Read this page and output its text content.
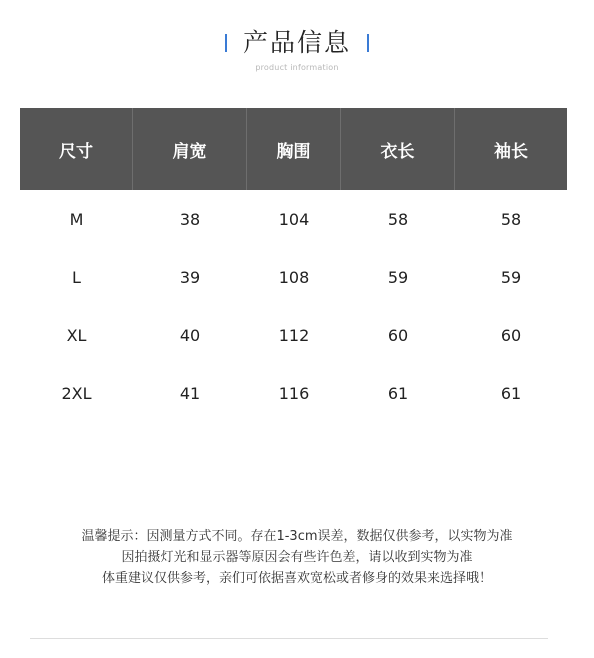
产品信息
product information
尺寸	肩宽	胸围	衣长	袖长
M	38	104	58	58
L	39	108	59	59
XL	40	112	60	60
2XL	41	116	61	61
温馨提示：因测量方式不同。存在1-3cm误差，数据仅供参考，以实物为准
因拍摄灯光和显示器等原因会有些许色差，请以收到实物为准
体重建议仅供参考，亲们可依据喜欢宽松或者修身的效果来选择哦！
